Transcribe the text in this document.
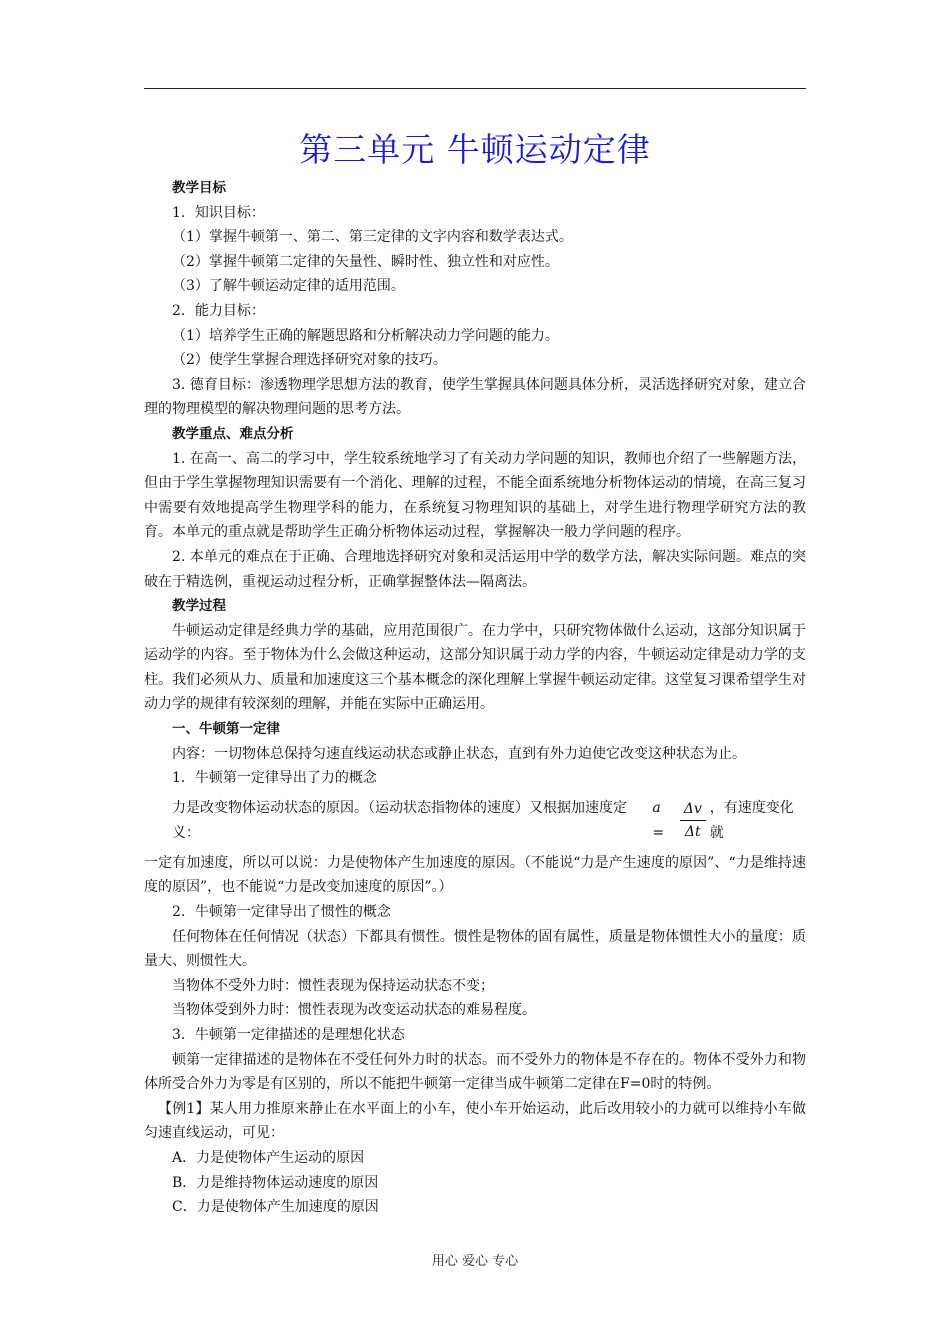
第三单元 牛顿运动定律

教学目标

1．知识目标：

（1）掌握牛顿第一、第二、第三定律的文字内容和数学表达式。

（2）掌握牛顿第二定律的矢量性、瞬时性、独立性和对应性。

（3）了解牛顿运动定律的适用范围。

2．能力目标：

（1）培养学生正确的解题思路和分析解决动力学问题的能力。

（2）使学生掌握合理选择研究对象的技巧。

3. 德育目标：渗透物理学思想方法的教育，使学生掌握具体问题具体分析，灵活选择研究对象，建立合理的物理模型的解决物理问题的思考方法。

教学重点、难点分析

1. 在高一、高二的学习中，学生较系统地学习了有关动力学问题的知识，教师也介绍了一些解题方法，但由于学生掌握物理知识需要有一个消化、理解的过程，不能全面系统地分析物体运动的情境，在高三复习中需要有效地提高学生物理学科的能力，在系统复习物理知识的基础上，对学生进行物理学研究方法的教育。本单元的重点就是帮助学生正确分析物体运动过程，掌握解决一般力学问题的程序。

2. 本单元的难点在于正确、合理地选择研究对象和灵活运用中学的数学方法，解决实际问题。难点的突破在于精选例，重视运动过程分析，正确掌握整体法—隔离法。

教学过程

牛顿运动定律是经典力学的基础，应用范围很广。在力学中，只研究物体做什么运动，这部分知识属于运动学的内容。至于物体为什么会做这种运动，这部分知识属于动力学的内容，牛顿运动定律是动力学的支柱。我们必须从力、质量和加速度这三个基本概念的深化理解上掌握牛顿运动定律。这堂复习课希望学生对动力学的规律有较深刻的理解，并能在实际中正确运用。

一、牛顿第一定律

内容：一切物体总保持匀速直线运动状态或静止状态，直到有外力迫使它改变这种状态为止。

1．牛顿第一定律导出了力的概念

力是改变物体运动状态的原因。（运动状态指物体的速度）又根据加速度定义：
a =	$\frac{\Delta v}{\Delta t}$ ，有速度变化就

一定有加速度，所以可以说：力是使物体产生加速度的原因。（不能说“力是产生速度的原因”、“力是维持速度的原因”，也不能说“力是改变加速度的原因”。）

2．牛顿第一定律导出了惯性的概念

任何物体在任何情况（状态）下都具有惯性。惯性是物体的固有属性，质量是物体惯性大小的量度：质量大、则惯性大。

当物体不受外力时：惯性表现为保持运动状态不变；

当物体受到外力时：惯性表现为改变运动状态的难易程度。

3．牛顿第一定律描述的是理想化状态

顿第一定律描述的是物体在不受任何外力时的状态。而不受外力的物体是不存在的。物体不受外力和物体所受合外力为零是有区别的，所以不能把牛顿第一定律当成牛顿第二定律在F=0时的特例。

【例1】某人用力推原来静止在水平面上的小车，使小车开始运动，此后改用较小的力就可以维持小车做匀速直线运动，可见：

A．力是使物体产生运动的原因

B．力是维持物体运动速度的原因

C．力是使物体产生加速度的原因

用心 爱心 专心
